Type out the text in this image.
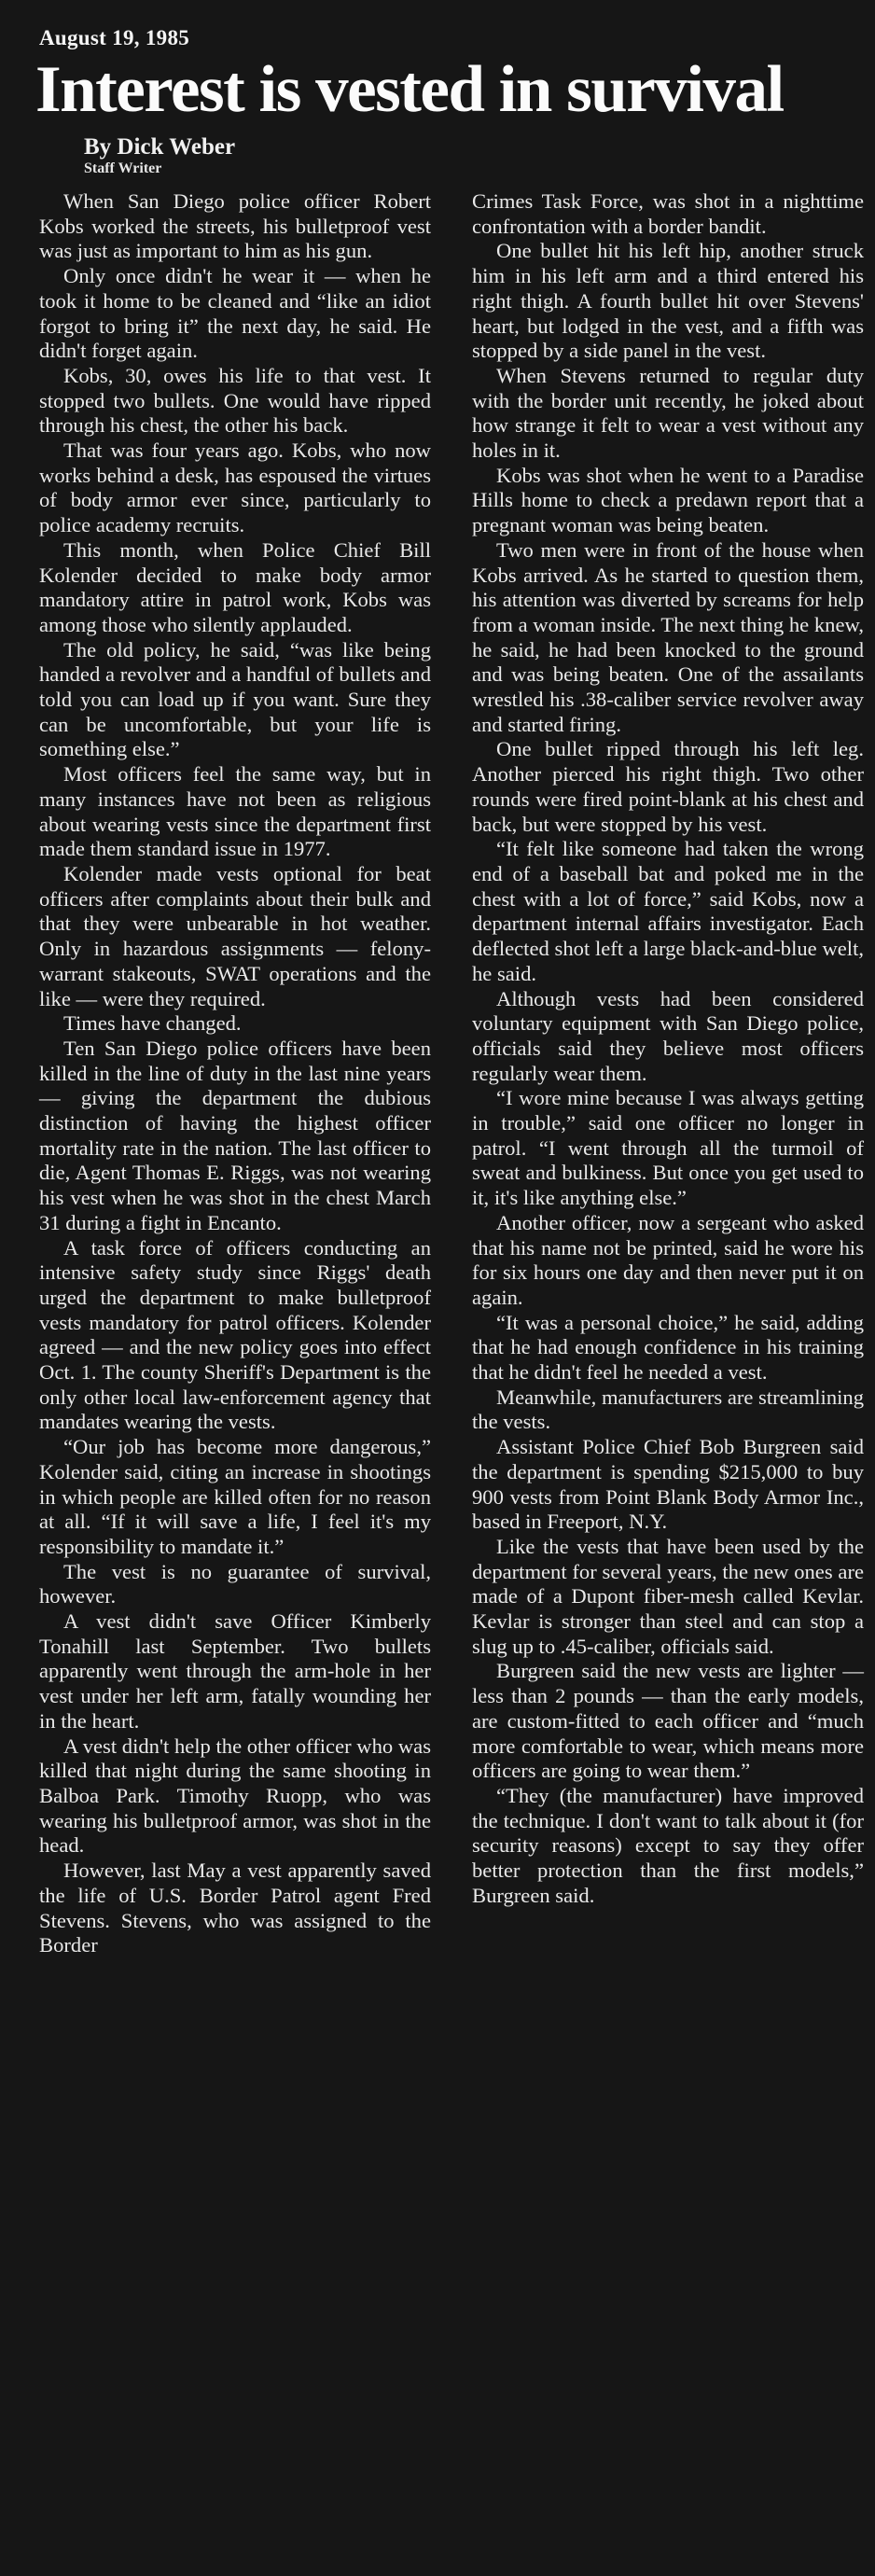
August 19, 1985
Interest is vested in survival
By Dick Weber
Staff Writer

When San Diego police officer Robert Kobs worked the streets, his bulletproof vest was just as important to him as his gun.

Only once didn't he wear it — when he took it home to be cleaned and “like an idiot forgot to bring it” the next day, he said. He didn't forget again.

Kobs, 30, owes his life to that vest. It stopped two bullets. One would have ripped through his chest, the other his back.

That was four years ago. Kobs, who now works behind a desk, has espoused the virtues of body armor ever since, particularly to police academy recruits.

This month, when Police Chief Bill Kolender decided to make body armor mandatory attire in patrol work, Kobs was among those who silently applauded.

The old policy, he said, “was like being handed a revolver and a handful of bullets and told you can load up if you want. Sure they can be uncomfortable, but your life is something else.”

Most officers feel the same way, but in many instances have not been as religious about wearing vests since the department first made them standard issue in 1977.

Kolender made vests optional for beat officers after complaints about their bulk and that they were unbearable in hot weather. Only in hazardous assignments — felony-warrant stakeouts, SWAT operations and the like — were they required.

Times have changed.

Ten San Diego police officers have been killed in the line of duty in the last nine years — giving the department the dubious distinction of having the highest officer mortality rate in the nation. The last officer to die, Agent Thomas E. Riggs, was not wearing his vest when he was shot in the chest March 31 during a fight in Encanto.

A task force of officers conducting an intensive safety study since Riggs' death urged the department to make bulletproof vests mandatory for patrol officers. Kolender agreed — and the new policy goes into effect Oct. 1. The county Sheriff's Department is the only other local law-enforcement agency that mandates wearing the vests.

“Our job has become more dangerous,” Kolender said, citing an increase in shootings in which people are killed often for no reason at all. “If it will save a life, I feel it's my responsibility to mandate it.”

The vest is no guarantee of survival, however.

A vest didn't save Officer Kimberly Tonahill last September. Two bullets apparently went through the arm-hole in her vest under her left arm, fatally wounding her in the heart.

A vest didn't help the other officer who was killed that night during the same shooting in Balboa Park. Timothy Ruopp, who was wearing his bulletproof armor, was shot in the head.

However, last May a vest apparently saved the life of U.S. Border Patrol agent Fred Stevens. Stevens, who was assigned to the Border

Crimes Task Force, was shot in a nighttime confrontation with a border bandit.

One bullet hit his left hip, another struck him in his left arm and a third entered his right thigh. A fourth bullet hit over Stevens' heart, but lodged in the vest, and a fifth was stopped by a side panel in the vest.

When Stevens returned to regular duty with the border unit recently, he joked about how strange it felt to wear a vest without any holes in it.

Kobs was shot when he went to a Paradise Hills home to check a predawn report that a pregnant woman was being beaten.

Two men were in front of the house when Kobs arrived. As he started to question them, his attention was diverted by screams for help from a woman inside. The next thing he knew, he said, he had been knocked to the ground and was being beaten. One of the assailants wrestled his .38-caliber service revolver away and started firing.

One bullet ripped through his left leg. Another pierced his right thigh. Two other rounds were fired point-blank at his chest and back, but were stopped by his vest.

“It felt like someone had taken the wrong end of a baseball bat and poked me in the chest with a lot of force,” said Kobs, now a department internal affairs investigator. Each deflected shot left a large black-and-blue welt, he said.

Although vests had been considered voluntary equipment with San Diego police, officials said they believe most officers regularly wear them.

“I wore mine because I was always getting in trouble,” said one officer no longer in patrol. “I went through all the turmoil of sweat and bulkiness. But once you get used to it, it's like anything else.”

Another officer, now a sergeant who asked that his name not be printed, said he wore his for six hours one day and then never put it on again.

“It was a personal choice,” he said, adding that he had enough confidence in his training that he didn't feel he needed a vest.

Meanwhile, manufacturers are streamlining the vests.

Assistant Police Chief Bob Burgreen said the department is spending $215,000 to buy 900 vests from Point Blank Body Armor Inc., based in Freeport, N.Y.

Like the vests that have been used by the department for several years, the new ones are made of a Dupont fiber-mesh called Kevlar. Kevlar is stronger than steel and can stop a slug up to .45-caliber, officials said.

Burgreen said the new vests are lighter — less than 2 pounds — than the early models, are custom-fitted to each officer and “much more comfortable to wear, which means more officers are going to wear them.”

“They (the manufacturer) have improved the technique. I don't want to talk about it (for security reasons) except to say they offer better protection than the first models,” Burgreen said.
